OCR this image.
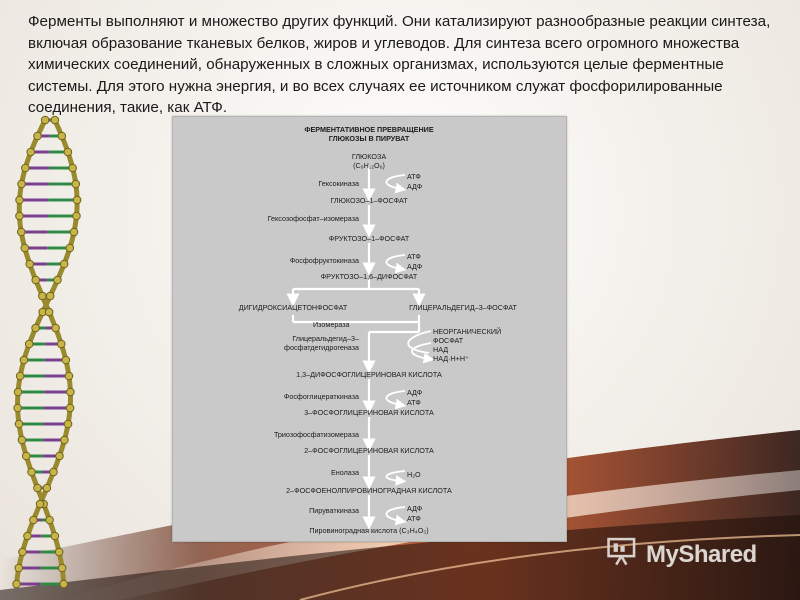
Ферменты выполняют и множество других функций. Они катализируют разнообразные реакции синтеза, включая образование тканевых белков, жиров и углеводов. Для синтеза всего огромного множества химических соединений, обнаруженных в сложных организмах, используются целые ферментные системы. Для этого нужна энергия, и во всех случаях ее источником служат фосфорилированные соединения, такие, как АТФ.

ФЕРМЕНТАТИВНОЕ ПРЕВРАЩЕНИЕ
ГЛЮКОЗЫ В ПИРУВАТ
ГЛЮКОЗА
(C₆H₁₂O₆)
Гексокиназа
АТФ
АДФ
ГЛЮКОЗО–1–ФОСФАТ
Гексозофосфат–изомераза
ФРУКТОЗО–1–ФОСФАТ
Фосфофруктокиназа	АТФ
АДФ
ФРУКТОЗО–1,6–ДИФОСФАТ
ДИГИДРОКСИАЦЕТОНФОСФАТ	ГЛИЦЕРАЛЬДЕГИД–3–ФОСФАТ
Изомераза
Глицеральдегид–3–
фосфатдегидрогеназа
НЕОРГАНИЧЕСКИЙ
ФОСФАТ
НАД
НАД·Н+Н⁺
1,3–ДИФОСФОГЛИЦЕРИНОВАЯ КИСЛОТА
Фосфоглицераткиназа	АДФ
АТФ
3–ФОСФОГЛИЦЕРИНОВАЯ КИСЛОТА
Триозофосфатизомераза
2–ФОСФОГЛИЦЕРИНОВАЯ КИСЛОТА
Енолаза	H₂O
2–ФОСФОЕНОЛПИРОВИНОГРАДНАЯ КИСЛОТА
Пируваткиназа	АДФ
АТФ
Пировиноградная кислота (C₃H₄O₃)
MyShared
